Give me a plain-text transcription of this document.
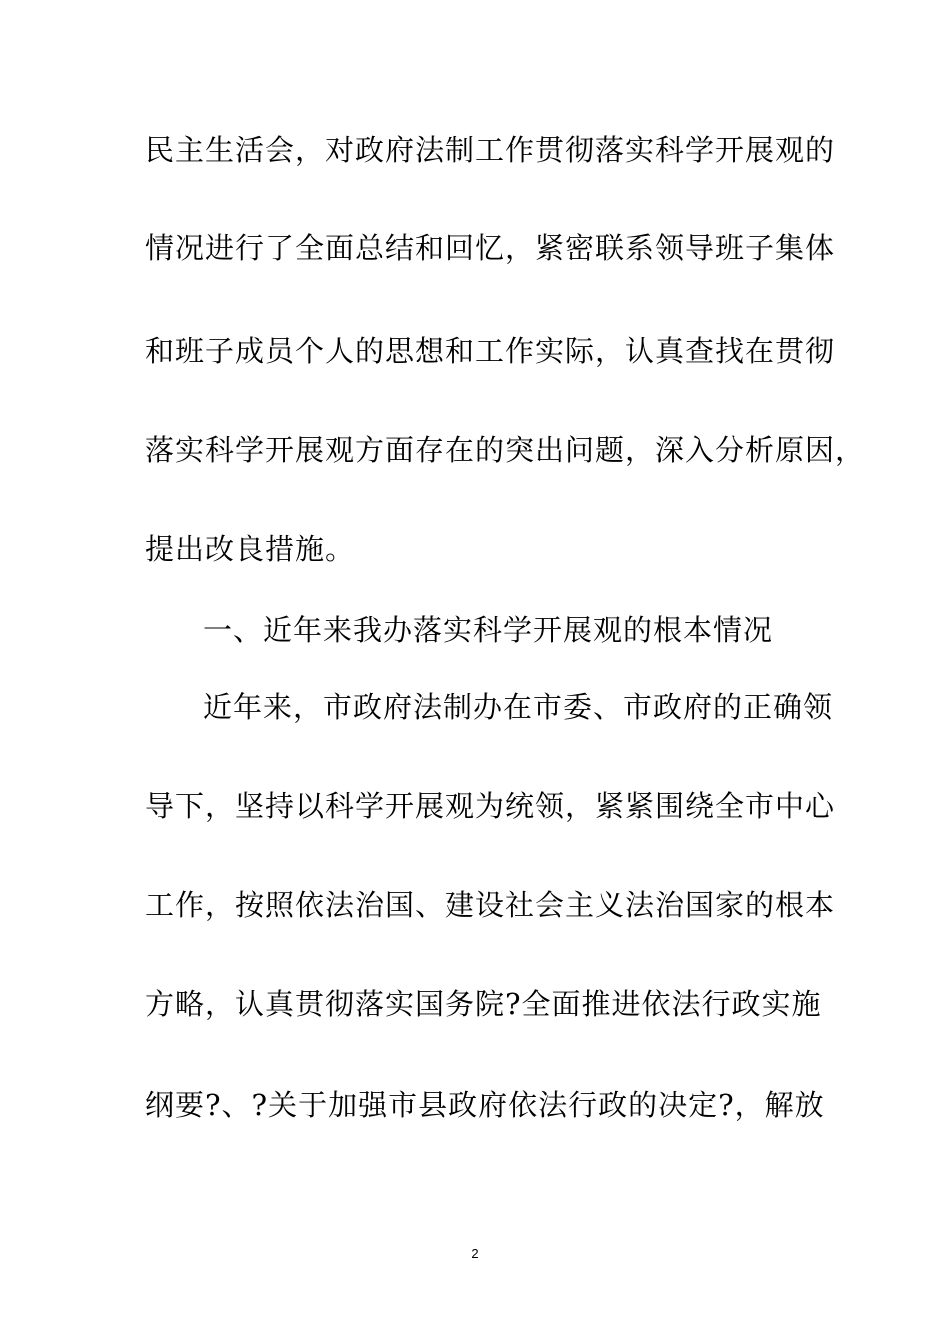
民主生活会，对政府法制工作贯彻落实科学开展观的
情况进行了全面总结和回忆，紧密联系领导班子集体
和班子成员个人的思想和工作实际，认真查找在贯彻
落实科学开展观方面存在的突出问题，深入分析原因，
提出改良措施。
一、近年来我办落实科学开展观的根本情况
近年来，市政府法制办在市委、市政府的正确领
导下，坚持以科学开展观为统领，紧紧围绕全市中心
工作，按照依法治国、建设社会主义法治国家的根本
方略，认真贯彻落实国务院?全面推进依法行政实施
纲要?、?关于加强市县政府依法行政的决定?，解放
2
